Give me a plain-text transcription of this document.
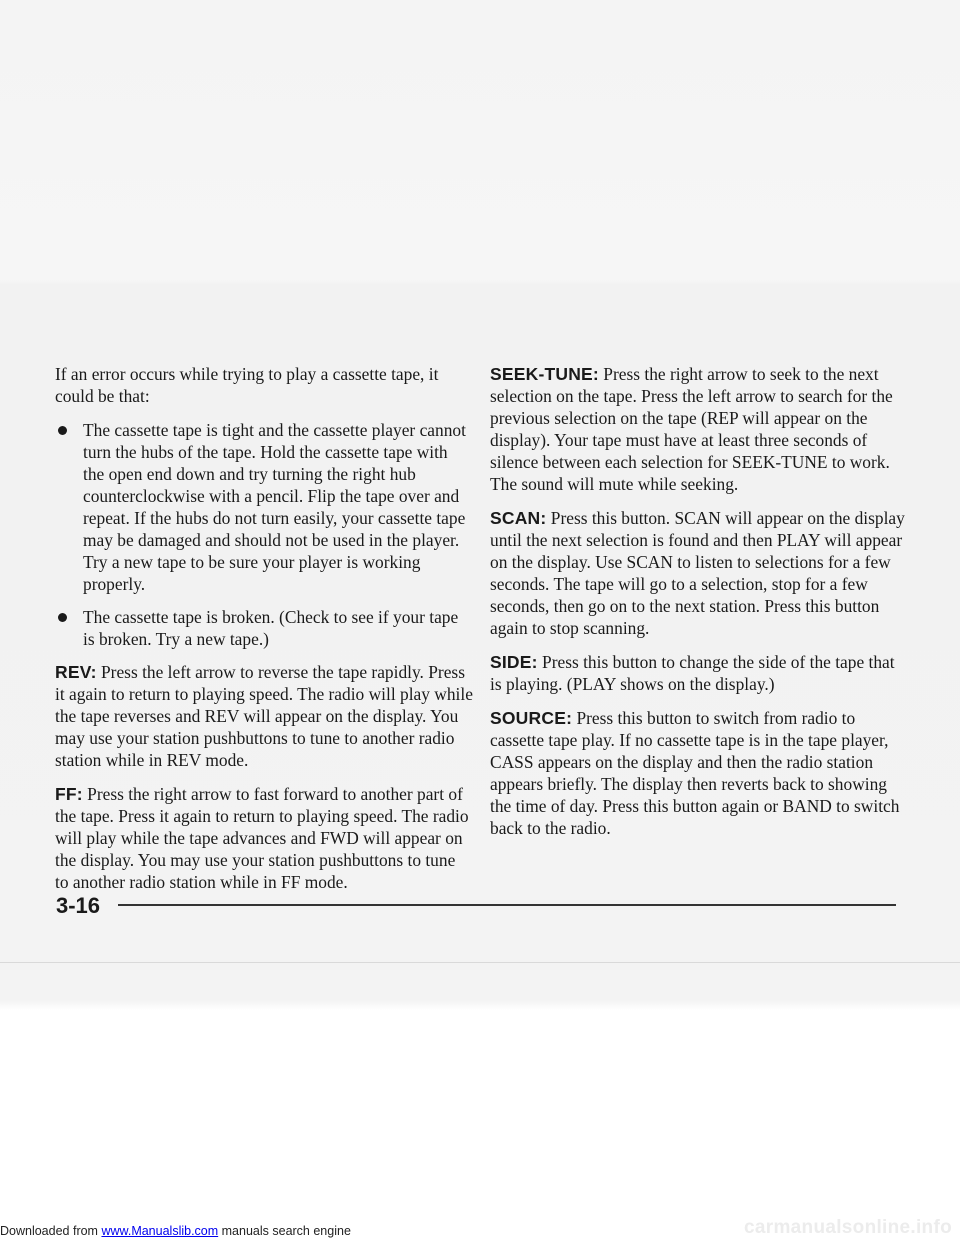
If an error occurs while trying to play a cassette tape, it could be that:

The cassette tape is tight and the cassette player cannot turn the hubs of the tape. Hold the cassette tape with the open end down and try turning the right hub counterclockwise with a pencil. Flip the tape over and repeat. If the hubs do not turn easily, your cassette tape may be damaged and should not be used in the player. Try a new tape to be sure your player is working properly.
The cassette tape is broken. (Check to see if your tape is broken. Try a new tape.)

REV: Press the left arrow to reverse the tape rapidly. Press it again to return to playing speed. The radio will play while the tape reverses and REV will appear on the display. You may use your station pushbuttons to tune to another radio station while in REV mode.

FF: Press the right arrow to fast forward to another part of the tape. Press it again to return to playing speed. The radio will play while the tape advances and FWD will appear on the display. You may use your station pushbuttons to tune to another radio station while in FF mode.

SEEK-TUNE: Press the right arrow to seek to the next selection on the tape. Press the left arrow to search for the previous selection on the tape (REP will appear on the display). Your tape must have at least three seconds of silence between each selection for SEEK-TUNE to work. The sound will mute while seeking.

SCAN: Press this button. SCAN will appear on the display until the next selection is found and then PLAY will appear on the display. Use SCAN to listen to selections for a few seconds. The tape will go to a selection, stop for a few seconds, then go on to the next station. Press this button again to stop scanning.

SIDE: Press this button to change the side of the tape that is playing. (PLAY shows on the display.)

SOURCE: Press this button to switch from radio to cassette tape play. If no cassette tape is in the tape player, CASS appears on the display and then the radio station appears briefly. The display then reverts back to showing the time of day. Press this button again or BAND to switch back to the radio.

3-16
Downloaded from www.Manualslib.com manuals search engine	carmanualsonline.info
